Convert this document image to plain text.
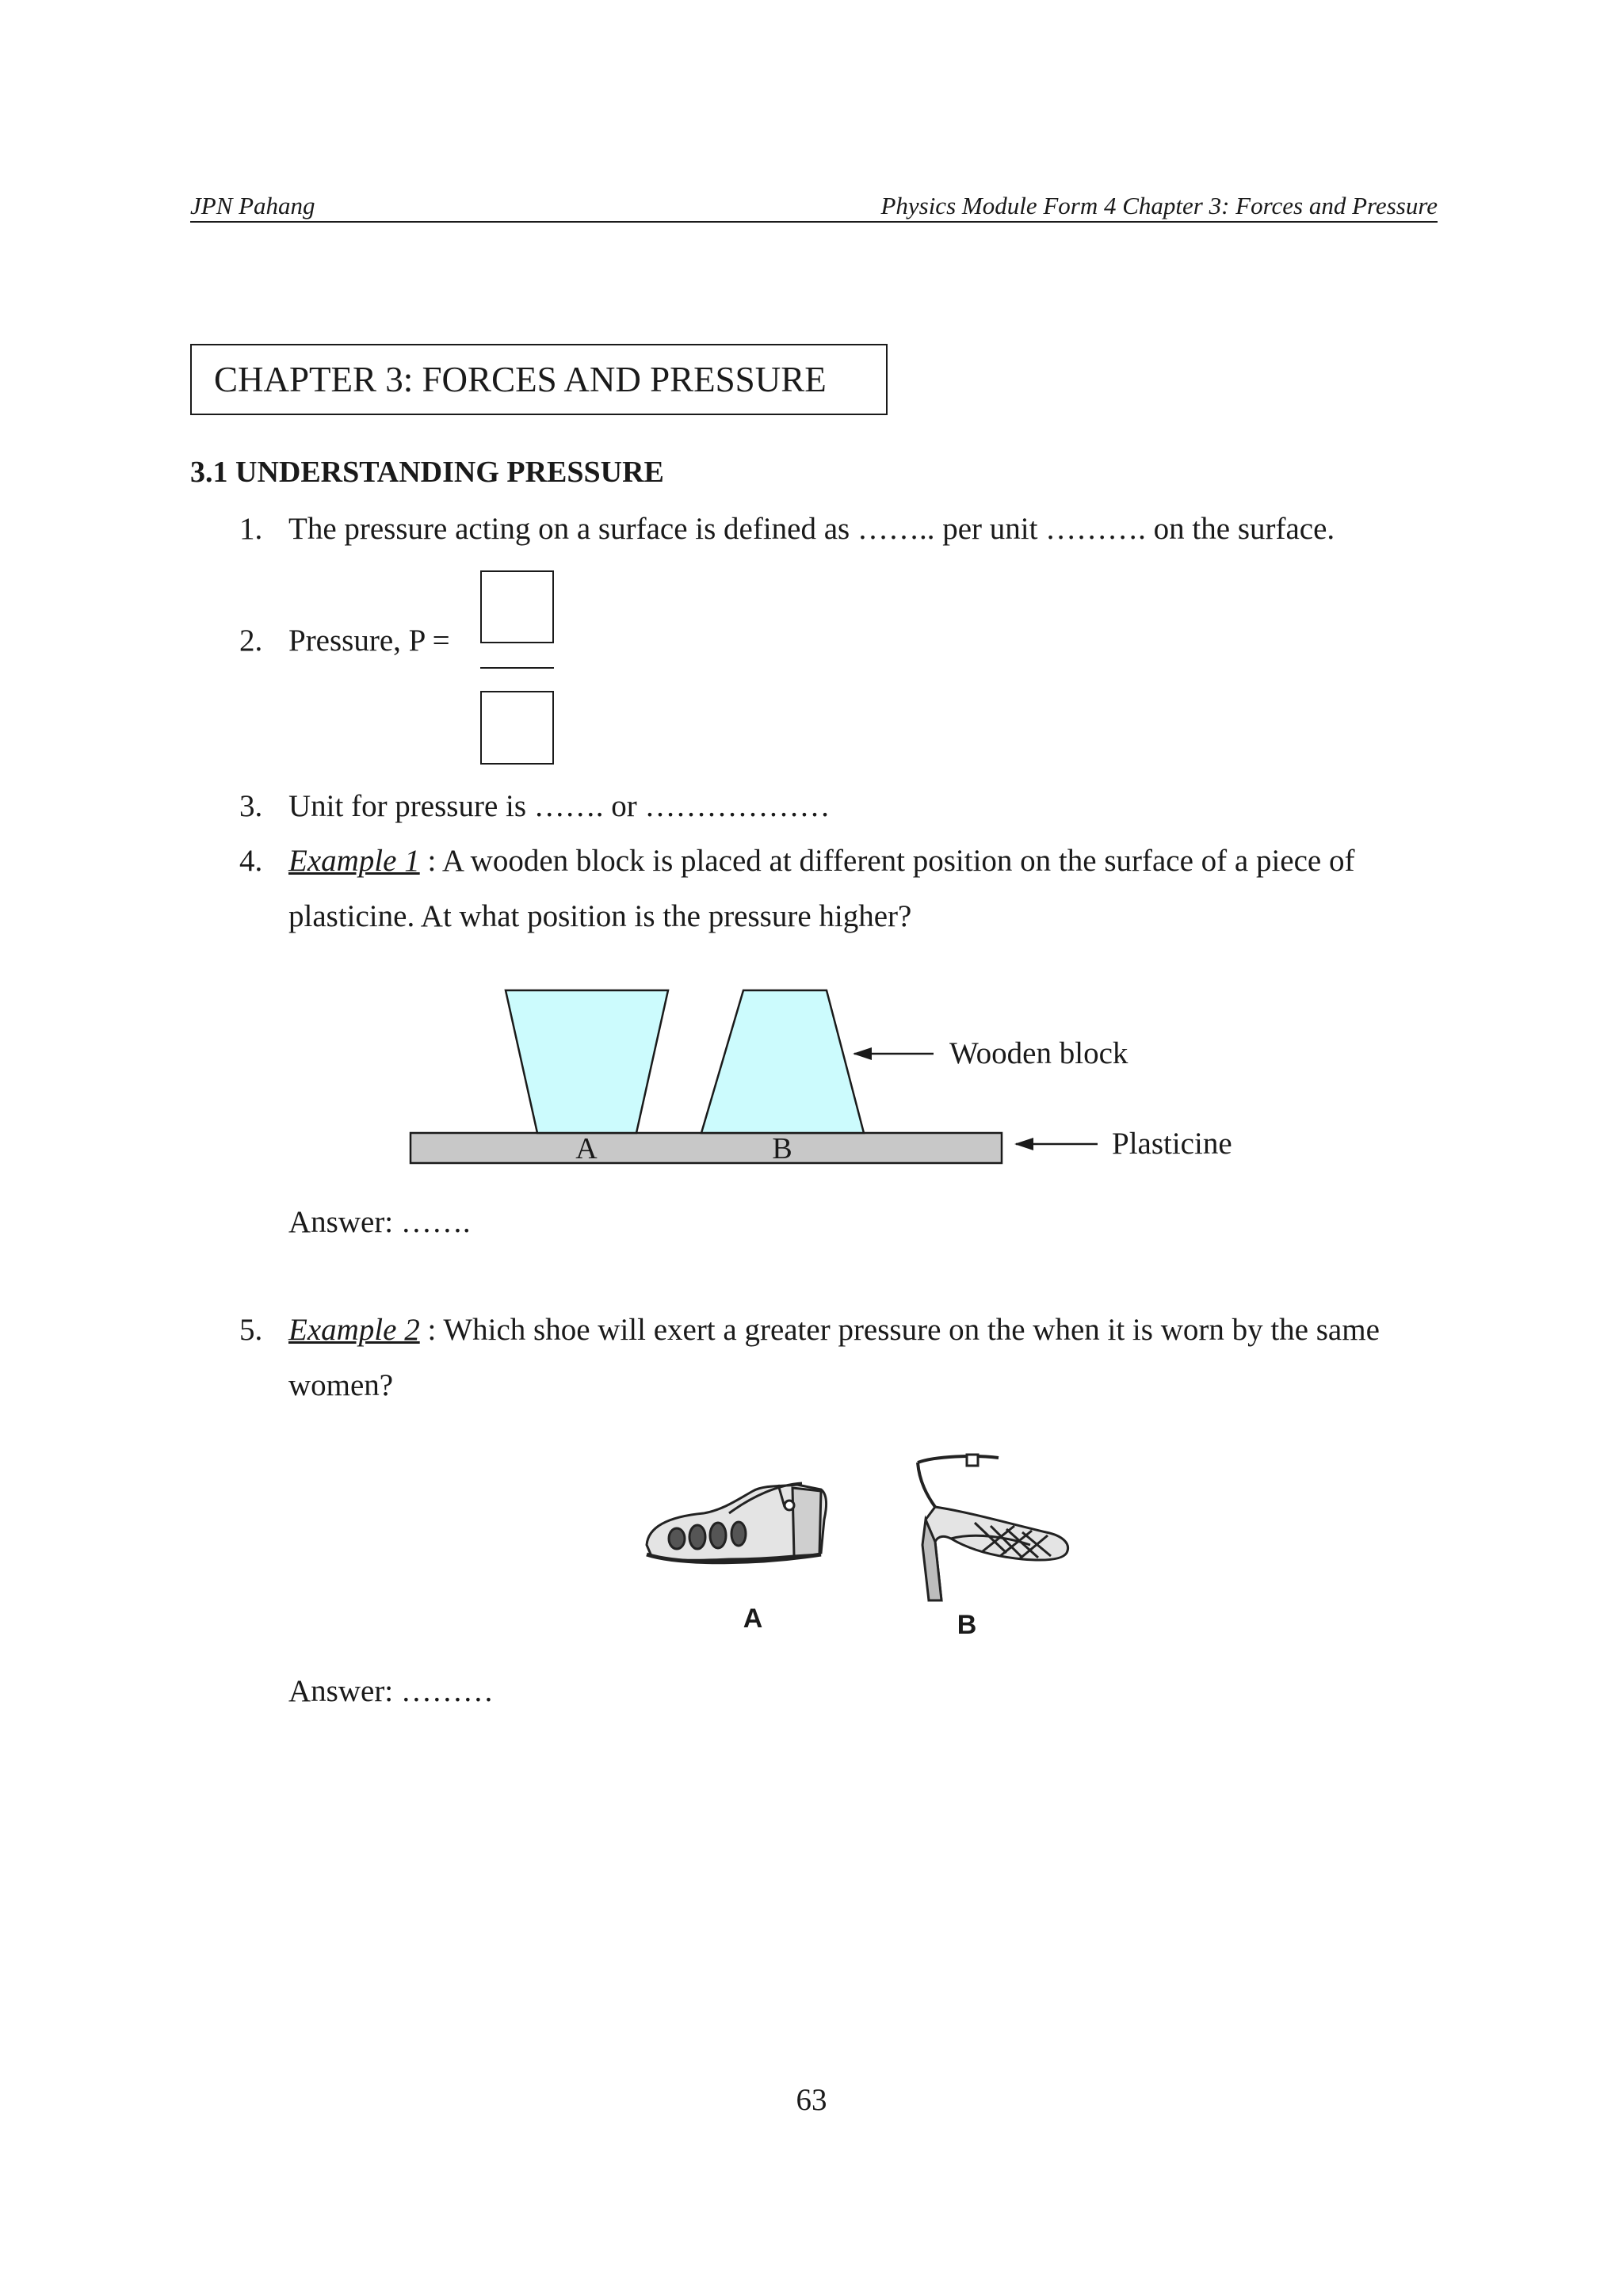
JPN Pahang	Physics Module Form 4 Chapter 3: Forces and Pressure
CHAPTER 3: FORCES AND PRESSURE
3.1 UNDERSTANDING PRESSURE
1. The pressure acting on a surface is defined as …….. per unit ………. on the surface.
2. Pressure, P =
3. Unit for pressure is ……. or ………………
4. Example 1 : A wooden block is placed at different position on the surface of a piece of
plasticine. At what position is the pressure higher?
A	B
Wooden block
Plasticine
Answer: …….
5. Example 2 : Which shoe will exert a greater pressure on the when it is worn by the same
women?
A	B
Answer: ………
63
